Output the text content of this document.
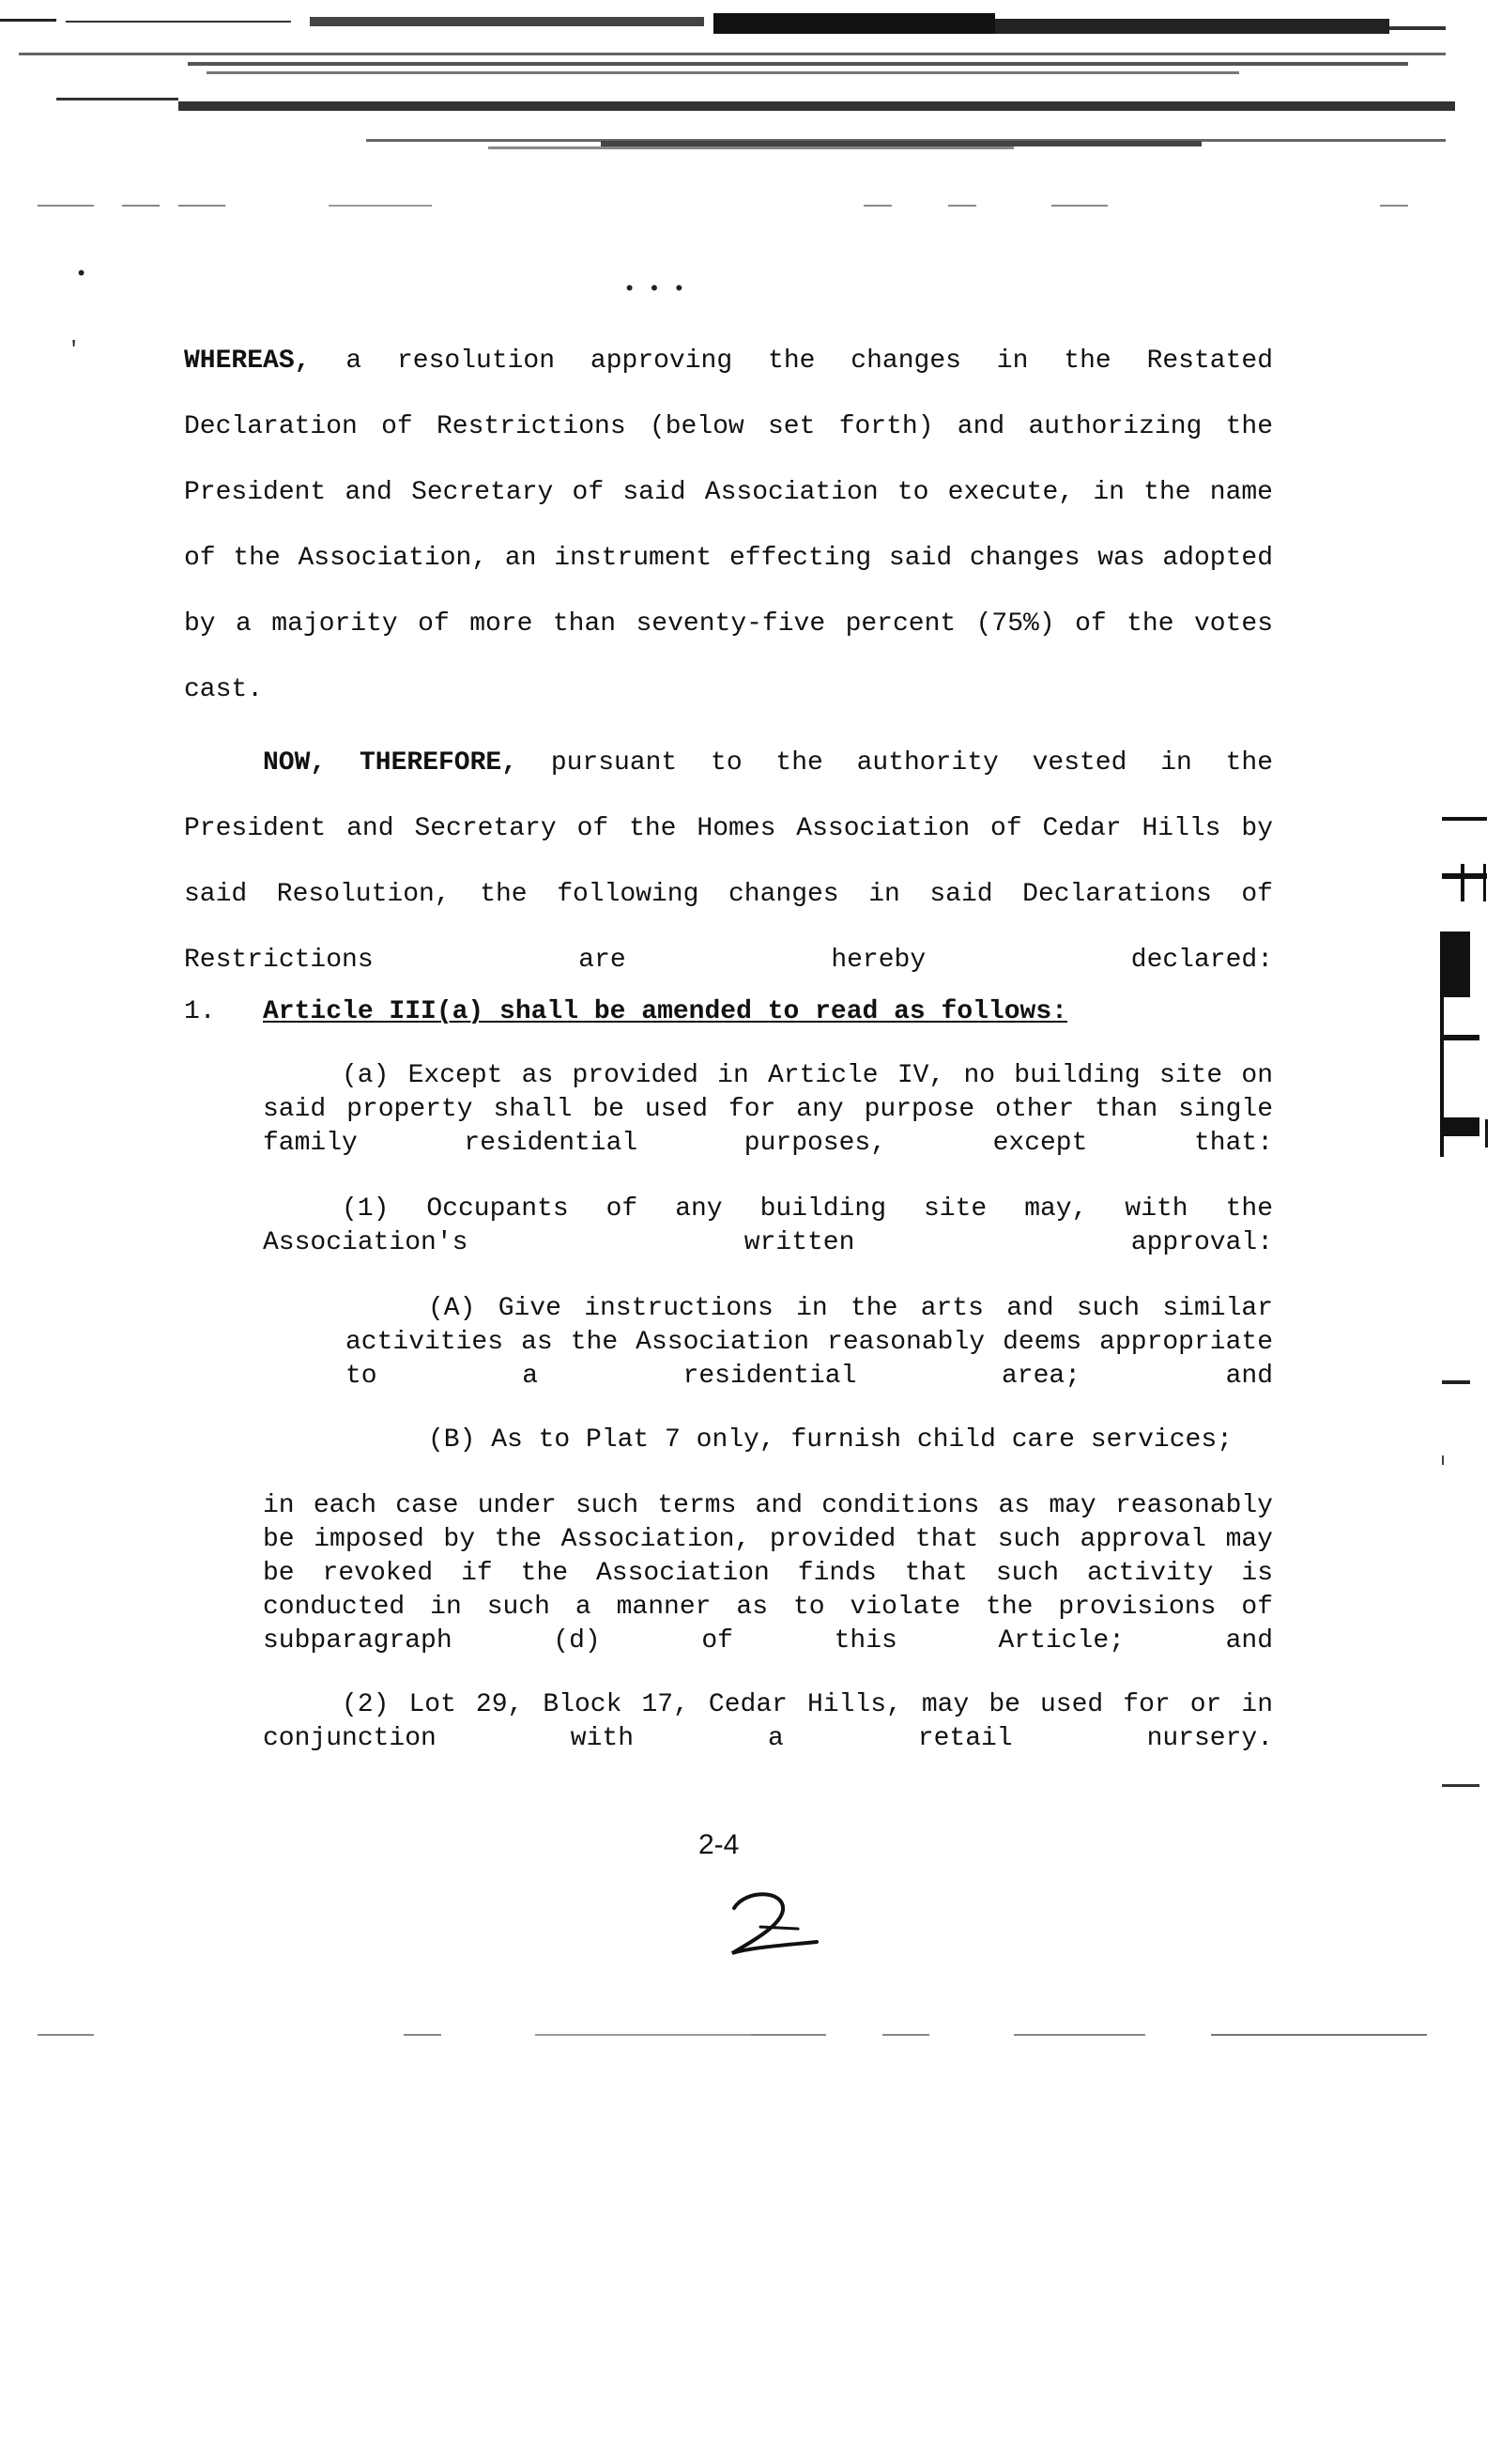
•
• • •
'	WHEREAS, a resolution approving the changes in the Restated Declaration of Restrictions (below set forth) and authorizing the President and Secretary of said Association to execute, in the name of the Association, an instrument effecting said changes was adopted by a majority of more than seventy-five percent (75%) of the votes cast.
NOW, THEREFORE, pursuant to the authority vested in the President and Secretary of the Homes Association of Cedar Hills by said Resolution, the following changes in said Declarations of Restrictions are hereby declared:
1. Article III(a) shall be amended to read as follows:
(a) Except as provided in Article IV, no building site on said property shall be used for any purpose other than single family residential purposes, except that:
(1) Occupants of any building site may, with the Association's written approval:
(A) Give instructions in the arts and such similar activities as the Association reasonably deems appropriate to a residential area; and
(B) As to Plat 7 only, furnish child care services;
in each case under such terms and conditions as may reasonably be imposed by the Association, provided that such approval may be revoked if the Association finds that such activity is conducted in such a manner as to violate the provisions of subparagraph (d) of this Article; and
(2) Lot 29, Block 17, Cedar Hills, may be used for or in conjunction with a retail nursery.
2-4
